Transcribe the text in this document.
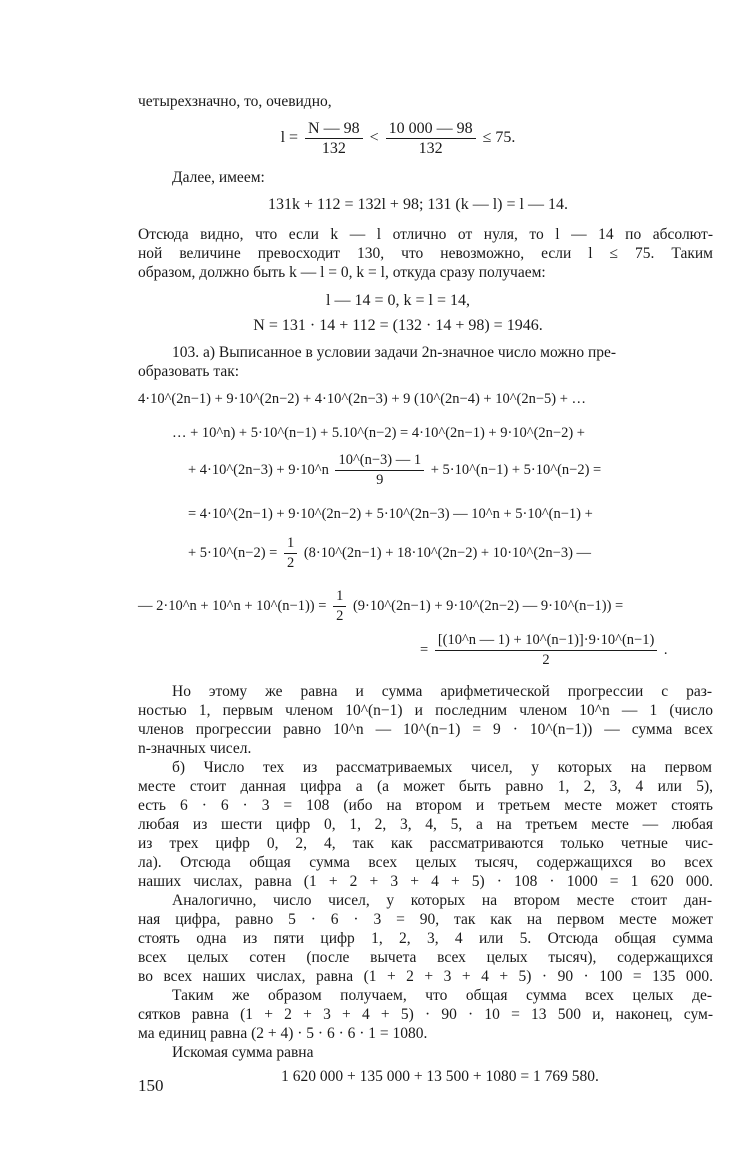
четырехзначно, то, очевидно,
$l = \frac{N — 98}{132} < \frac{10 000 — 98}{132} \le 75$.
Далее, имеем:
131k + 112 = 132l + 98; 131 (k — l) = l — 14.
Отсюда видно, что если k — l отлично от нуля, то l — 14 по абсолют-
ной величине превосходит 130, что невозможно, если l ≤ 75. Таким
образом, должно быть k — l = 0, k = l, откуда сразу получаем:
l — 14 = 0, k = l = 14,
N = 131 · 14 + 112 = (132 · 14 + 98) = 1946.
103. а) Выписанное в условии задачи 2n-значное число можно пре-
образовать так:
4·10^(2n−1) + 9·10^(2n−2) + 4·10^(2n−3) + 9 (10^(2n−4) + 10^(2n−5) + …
… + 10^n) + 5·10^(n−1) + 5.10^(n−2) = 4·10^(2n−1) + 9·10^(2n−2) +
+ 4·10^(2n−3) + 9·10^n $\frac{10\^{}(n-3) — 1}{9}$ + 5·10^(n−1) + 5·10^(n−2) =
= 4·10^(2n−1) + 9·10^(2n−2) + 5·10^(2n−3) — 10^n + 5·10^(n−1) +
+ 5·10^(n−2) = $\frac{1}{2}$ (8·10^(2n−1) + 18·10^(2n−2) + 10·10^(2n−3) —
— 2·10^n + 10^n + 10^(n−1)) = $\frac{1}{2}$ (9·10^(2n−1) + 9·10^(2n−2) — 9·10^(n−1)) =
= $\frac{[(10\^{}n — 1) + 10\^{}(n-1)]\cdot 9\cdot 10\^{}(n-1)}{2}$ .
Но этому же равна и сумма арифметической прогрессии с раз-
ностью 1, первым членом 10^(n−1) и последним членом 10^n — 1 (число
членов прогрессии равно 10^n — 10^(n−1) = 9 · 10^(n−1)) — сумма всех
n-значных чисел.
б) Число тех из рассматриваемых чисел, у которых на первом
месте стоит данная цифра a (a может быть равно 1, 2, 3, 4 или 5),
есть 6 · 6 · 3 = 108 (ибо на втором и третьем месте может стоять
любая из шести цифр 0, 1, 2, 3, 4, 5, а на третьем месте — любая
из трех цифр 0, 2, 4, так как рассматриваются только четные чис-
ла). Отсюда общая сумма всех целых тысяч, содержащихся во всех
наших числах, равна (1 + 2 + 3 + 4 + 5) · 108 · 1000 = 1 620 000.
Аналогично, число чисел, у которых на втором месте стоит дан-
ная цифра, равно 5 · 6 · 3 = 90, так как на первом месте может
стоять одна из пяти цифр 1, 2, 3, 4 или 5. Отсюда общая сумма
всех целых сотен (после вычета всех целых тысяч), содержащихся
во всех наших числах, равна (1 + 2 + 3 + 4 + 5) · 90 · 100 = 135 000.
Таким же образом получаем, что общая сумма всех целых де-
сятков равна (1 + 2 + 3 + 4 + 5) · 90 · 10 = 13 500 и, наконец, сум-
ма единиц равна (2 + 4) · 5 · 6 · 6 · 1 = 1080.
Искомая сумма равна
1 620 000 + 135 000 + 13 500 + 1080 = 1 769 580.
150
